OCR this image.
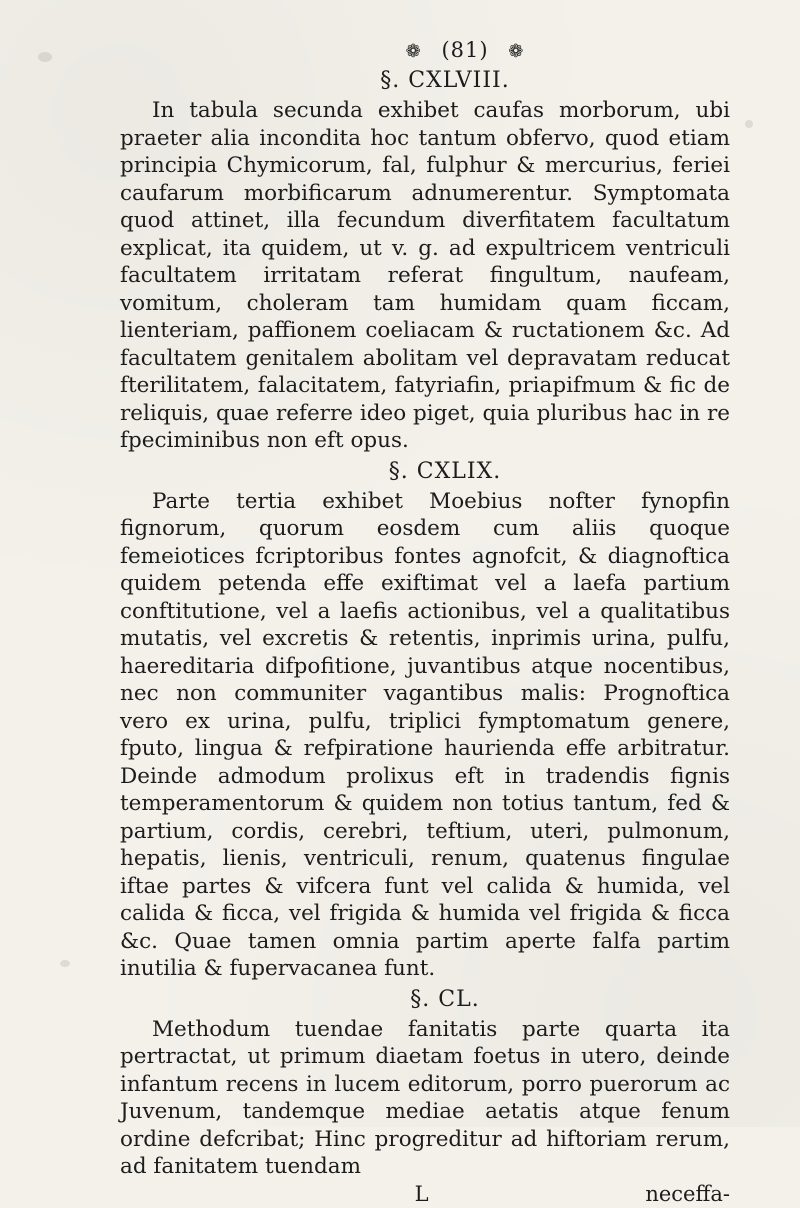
❁ (81) ❁
§. CXLVIII.

In tabula secunda exhibet caufas morborum, ubi praeter alia incondita hoc tantum obfervo, quod etiam principia Chymicorum, fal, fulphur & mercurius, feriei caufarum morbificarum adnumerentur. Symptomata quod attinet, illa fecundum diverfitatem facultatum explicat, ita quidem, ut v. g. ad expultricem ventriculi facultatem irritatam referat fingultum, naufeam, vomitum, choleram tam humidam quam ficcam, lienteriam, paffionem coeliacam & ructationem &c. Ad facultatem genitalem abolitam vel depravatam reducat fterilitatem, falacitatem, fatyriafin, priapifmum & fic de reliquis, quae referre ideo piget, quia pluribus hac in re fpeciminibus non eft opus.

§. CXLIX.

Parte tertia exhibet Moebius nofter fynopfin fignorum, quorum eosdem cum aliis quoque femeiotices fcriptoribus fontes agnofcit, & diagnoftica quidem petenda effe exiftimat vel a laefa partium conftitutione, vel a laefis actionibus, vel a qualitatibus mutatis, vel excretis & retentis, inprimis urina, pulfu, haereditaria difpofitione, juvantibus atque nocentibus, nec non communiter vagantibus malis: Prognoftica vero ex urina, pulfu, triplici fymptomatum genere, fputo, lingua & refpiratione haurienda effe arbitratur. Deinde admodum prolixus eft in tradendis fignis temperamentorum & quidem non totius tantum, fed & partium, cordis, cerebri, teftium, uteri, pulmonum, hepatis, lienis, ventriculi, renum, quatenus fingulae iftae partes & vifcera funt vel calida & humida, vel calida & ficca, vel frigida & humida vel frigida & ficca &c. Quae tamen omnia partim aperte falfa partim inutilia & fupervacanea funt.

§. CL.

Methodum tuendae fanitatis parte quarta ita pertractat, ut primum diaetam foetus in utero, deinde infantum recens in lucem editorum, porro puerorum ac Juvenum, tandemque mediae aetatis atque fenum ordine defcribat; Hinc progreditur ad hiftoriam rerum, ad fanitatem tuendam

L	neceffa-
